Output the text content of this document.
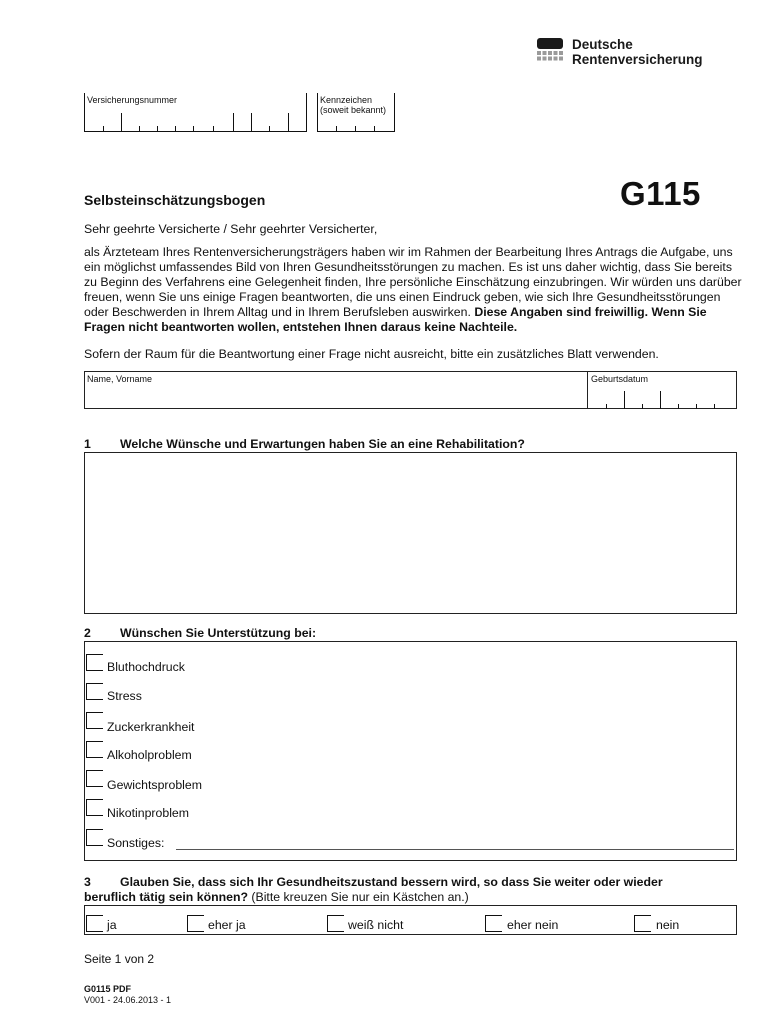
Deutsche
Rentenversicherung
Versicherungsnummer	Kennzeichen
(soweit bekannt)
Selbsteinschätzungsbogen	G115
Sehr geehrte Versicherte / Sehr geehrter Versicherter,
als Ärzteteam Ihres Rentenversicherungsträgers haben wir im Rahmen der Bearbeitung Ihres Antrags die Aufgabe, uns ein möglichst umfassendes Bild von Ihren Gesundheitsstörungen zu machen. Es ist uns daher wichtig, dass Sie bereits zu Beginn des Verfahrens eine Gelegenheit finden, Ihre persönliche Einschätzung einzubringen. Wir würden uns darüber freuen, wenn Sie uns einige Fragen beantworten, die uns einen Eindruck geben, wie sich Ihre Gesundheitsstörungen oder Beschwerden in Ihrem Alltag und in Ihrem Berufsleben auswirken. Diese Angaben sind freiwillig. Wenn Sie Fragen nicht beantworten wollen, entstehen Ihnen daraus keine Nachteile.
Sofern der Raum für die Beantwortung einer Frage nicht ausreicht, bitte ein zusätzliches Blatt verwenden.
Name, Vorname	Geburtsdatum
1 Welche Wünsche und Erwartungen haben Sie an eine Rehabilitation?
2 Wünschen Sie Unterstützung bei:
Bluthochdruck
Stress
Zuckerkrankheit
Alkoholproblem
Gewichtsproblem
Nikotinproblem
Sonstiges:
3 Glauben Sie, dass sich Ihr Gesundheitszustand bessern wird, so dass Sie weiter oder wieder
beruflich tätig sein können? (Bitte kreuzen Sie nur ein Kästchen an.)
ja	eher ja	weiß nicht	eher nein	nein
Seite 1 von 2
G0115 PDF
V001 - 24.06.2013 - 1
